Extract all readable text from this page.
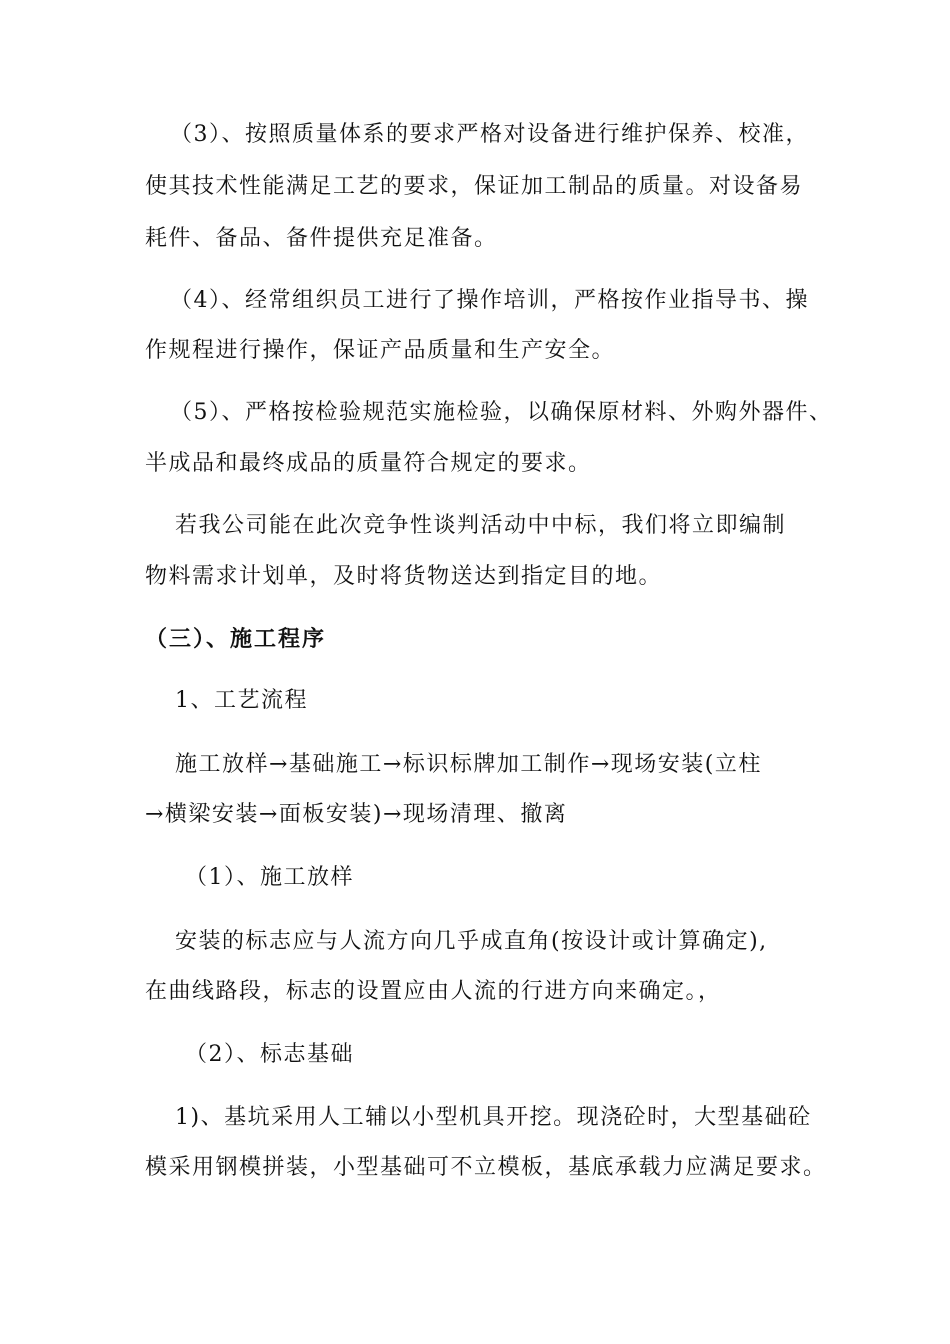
（3）、按照质量体系的要求严格对设备进行维护保养、校准，
使其技术性能满足工艺的要求，保证加工制品的质量。对设备易
耗件、备品、备件提供充足准备。
（4）、经常组织员工进行了操作培训，严格按作业指导书、操
作规程进行操作，保证产品质量和生产安全。
（5）、严格按检验规范实施检验，以确保原材料、外购外器件、
半成品和最终成品的质量符合规定的要求。
若我公司能在此次竞争性谈判活动中中标，我们将立即编制
物料需求计划单，及时将货物送达到指定目的地。
（三）、施工程序
1、工艺流程
施工放样→基础施工→标识标牌加工制作→现场安装(立柱
→横梁安装→面板安装)→现场清理、撤离
（1）、施工放样
安装的标志应与人流方向几乎成直角(按设计或计算确定),
在曲线路段，标志的设置应由人流的行进方向来确定。，
（2）、标志基础
1)、基坑采用人工辅以小型机具开挖。现浇砼时，大型基础砼
模采用钢模拼装，小型基础可不立模板，基底承载力应满足要求。
